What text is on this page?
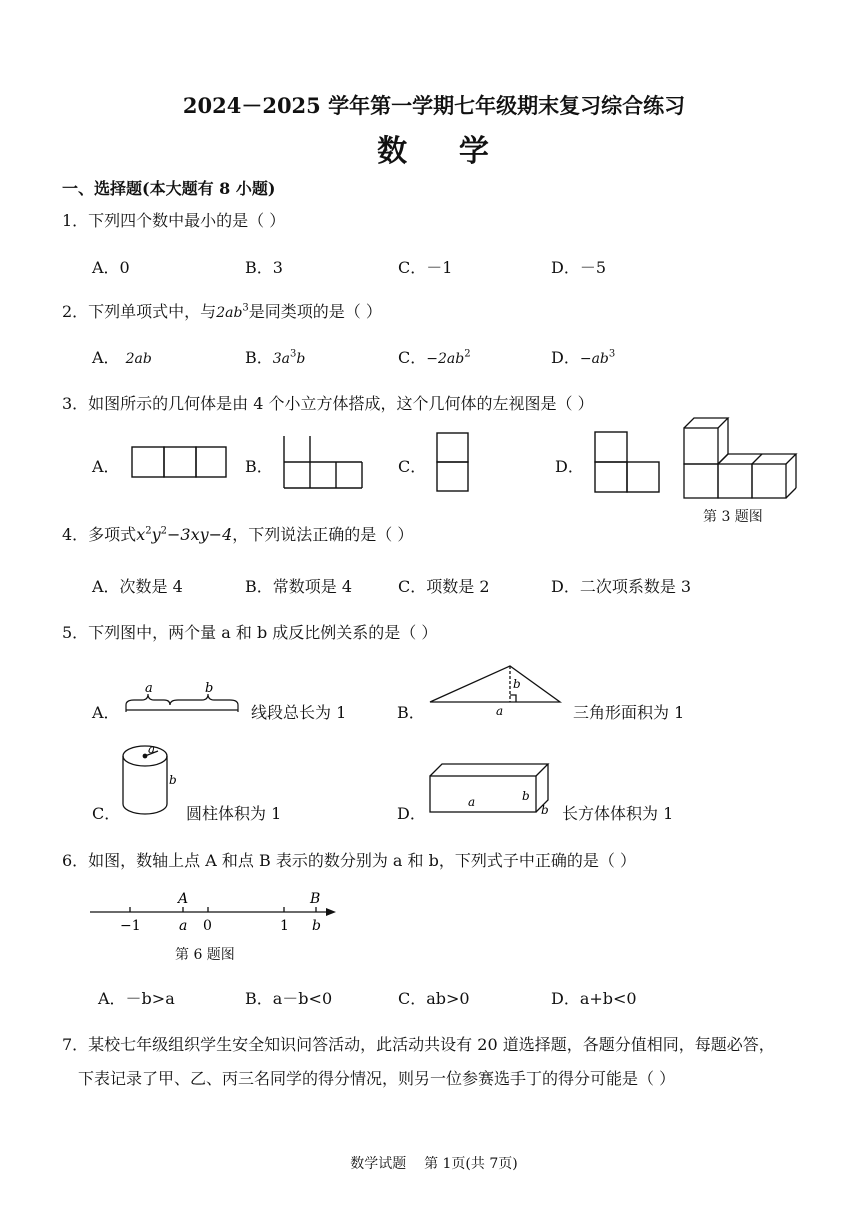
2024－2025 学年第一学期七年级期末复习综合练习
数    学
一、选择题(本大题有 8 小题)
1．下列四个数中最小的是（ ）
A．0	B．3	C．－1	D．－5
2．下列单项式中，与$2ab^3$是同类项的是（ ）
A． 2ab	B．$3a^3b$	C．$-2ab^2$	D．$-ab^3$
3．如图所示的几何体是由 4 个小立方体搭成，这个几何体的左视图是（ ）
A．	B．	C．	D．
第 3 题图
4．多项式$x^2y^2-3xy-4$，下列说法正确的是（ ）
A．次数是 4	B．常数项是 4	C．项数是 2	D．二次项系数是 3
5．下列图中，两个量 a 和 b 成反比例关系的是（ ）
A．
a	b
线段总长为 1	B．
b
a	三角形面积为 1
C．
a
b
圆柱体积为 1	D．
a	b
b 长方体体积为 1
6．如图，数轴上点 A 和点 B 表示的数分别为 a 和 b，下列式子中正确的是（ ）
−1	a 0	1 b
A	B
第 6 题图
A．－b>a	B．a－b<0	C．ab>0	D．a+b<0
7．某校七年级组织学生安全知识问答活动，此活动共设有 20 道选择题，各题分值相同，每题必答，
下表记录了甲、乙、丙三名同学的得分情况，则另一位参赛选手丁的得分可能是（ ）
数学试题    第 1页(共 7页)
